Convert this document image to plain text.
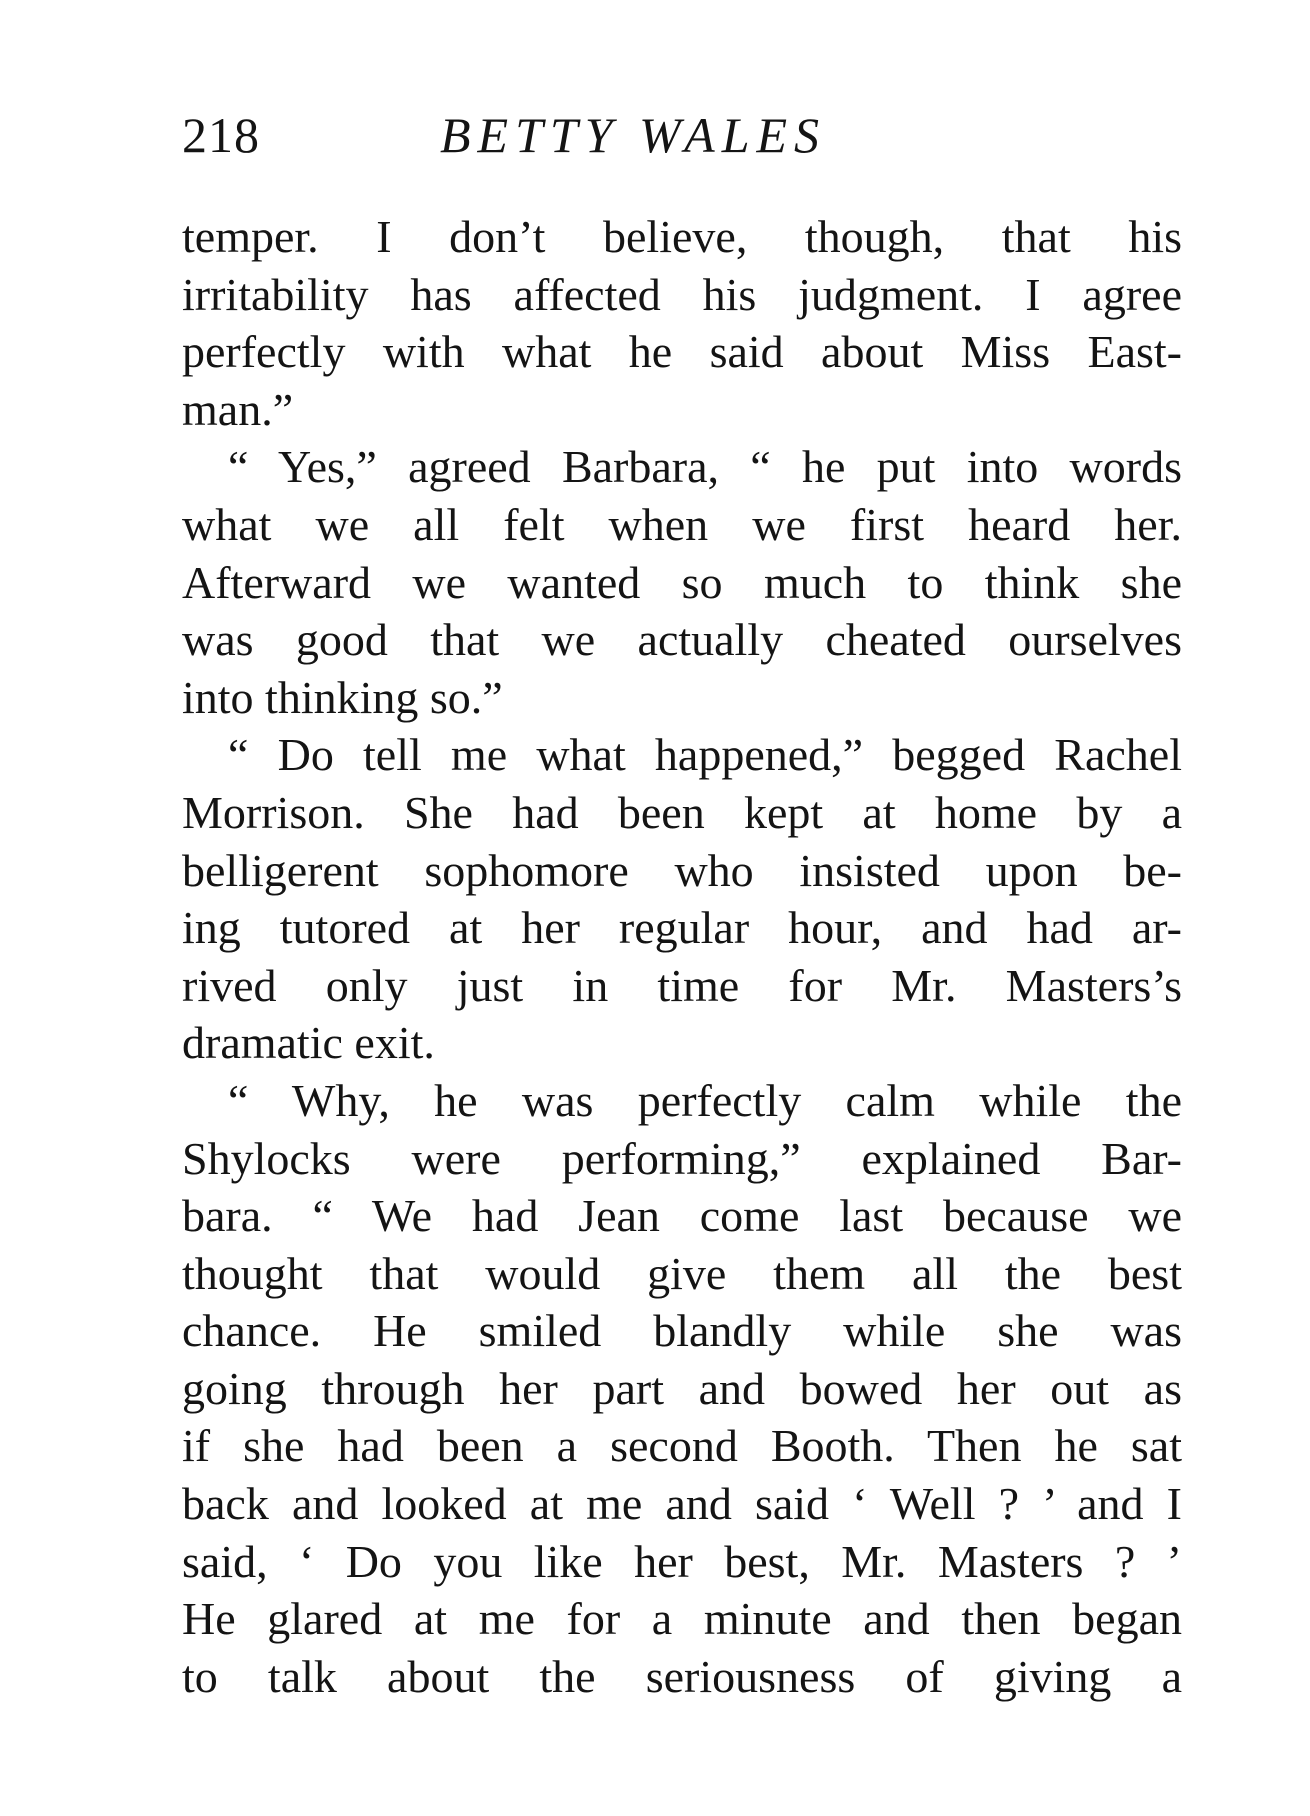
218	BETTY WALES
temper. I don’t believe, though, that his
irritability has affected his judgment. I agree
perfectly with what he said about Miss East-
man.”
“ Yes,” agreed Barbara, “ he put into words
what we all felt when we first heard her.
Afterward we wanted so much to think she
was good that we actually cheated ourselves
into thinking so.”
“ Do tell me what happened,” begged Rachel
Morrison. She had been kept at home by a
belligerent sophomore who insisted upon be-
ing tutored at her regular hour, and had ar-
rived only just in time for Mr. Masters’s
dramatic exit.
“ Why, he was perfectly calm while the
Shylocks were performing,” explained Bar-
bara. “ We had Jean come last because we
thought that would give them all the best
chance. He smiled blandly while she was
going through her part and bowed her out as
if she had been a second Booth. Then he sat
back and looked at me and said ‘ Well ? ’ and I
said, ‘ Do you like her best, Mr. Masters ? ’
He glared at me for a minute and then began
to talk about the seriousness of giving a
